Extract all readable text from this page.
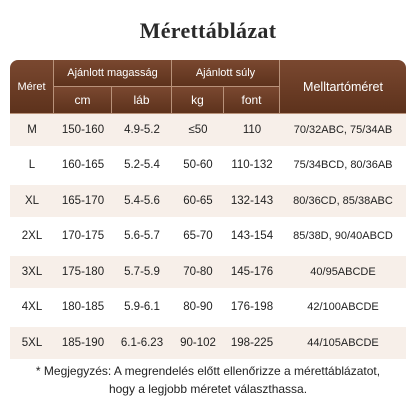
Mérettáblázat
Méret	Ajánlott magasság		Ajánlott súly		Melltartóméret
	cm	láb	kg	font	
M	150-160	4.9-5.2	≤50	110	70/32ABC, 75/34AB
L	160-165	5.2-5.4	50-60	110-132	75/34BCD, 80/36AB
XL	165-170	5.4-5.6	60-65	132-143	80/36CD, 85/38ABC
2XL	170-175	5.6-5.7	65-70	143-154	85/38D, 90/40ABCD
3XL	175-180	5.7-5.9	70-80	145-176	40/95ABCDE
4XL	180-185	5.9-6.1	80-90	176-198	42/100ABCDE
5XL	185-190	6.1-6.23	90-102	198-225	44/105ABCDE
* Megjegyzés: A megrendelés előtt ellenőrizze a mérettáblázatot,
hogy a legjobb méretet választhassa.
